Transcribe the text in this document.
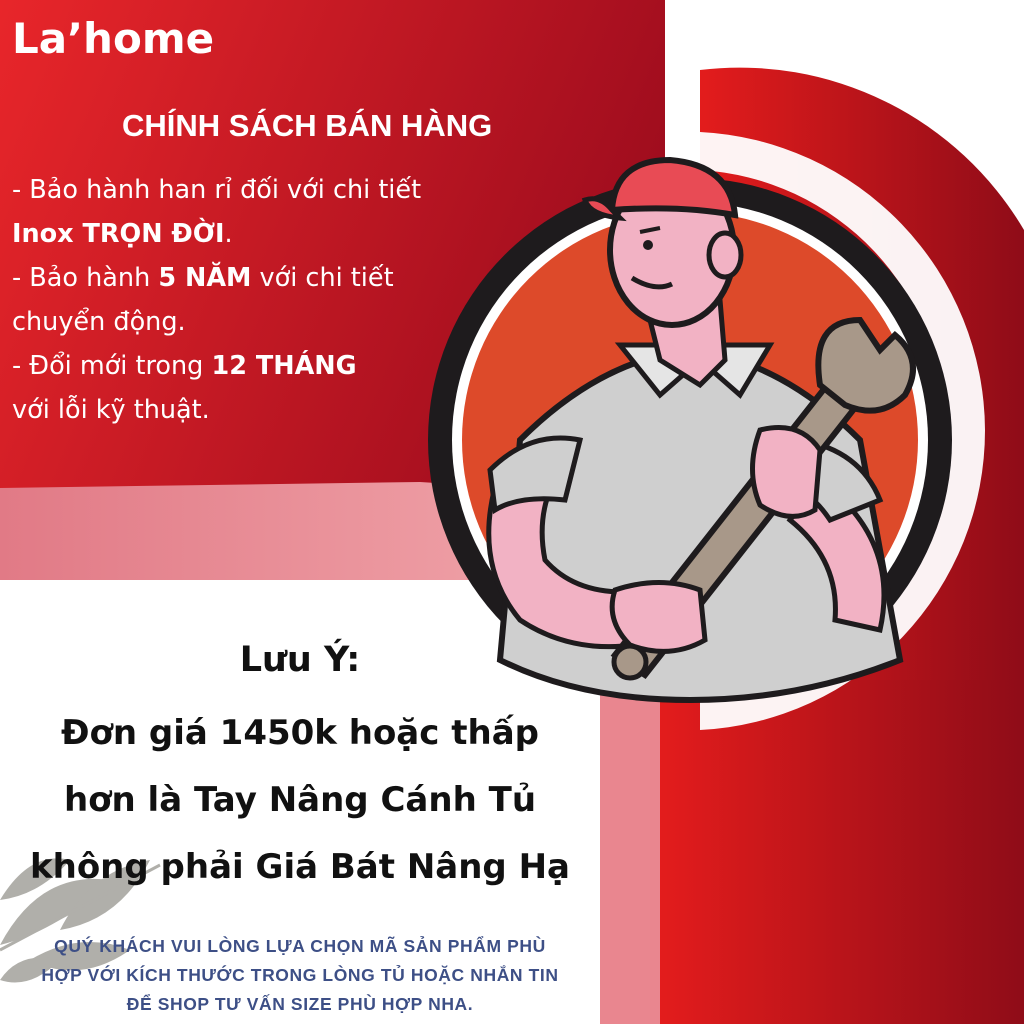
La’home
CHÍNH SÁCH BÁN HÀNG

- Bảo hành han rỉ đối với chi tiết

Inox TRỌN ĐỜI.

- Bảo hành 5 NĂM với chi tiết

chuyển động.

- Đổi mới trong 12 THÁNG

với lỗi kỹ thuật.

Lưu Ý:

Đơn giá 1450k hoặc thấp

hơn là Tay Nâng Cánh Tủ

không phải Giá Bát Nâng Hạ

QUÝ KHÁCH VUI LÒNG LỰA CHỌN MÃ SẢN PHẨM PHÙ

HỢP VỚI KÍCH THƯỚC TRONG LÒNG TỦ HOẶC NHẮN TIN

ĐỂ SHOP TƯ VẤN SIZE PHÙ HỢP NHA.
